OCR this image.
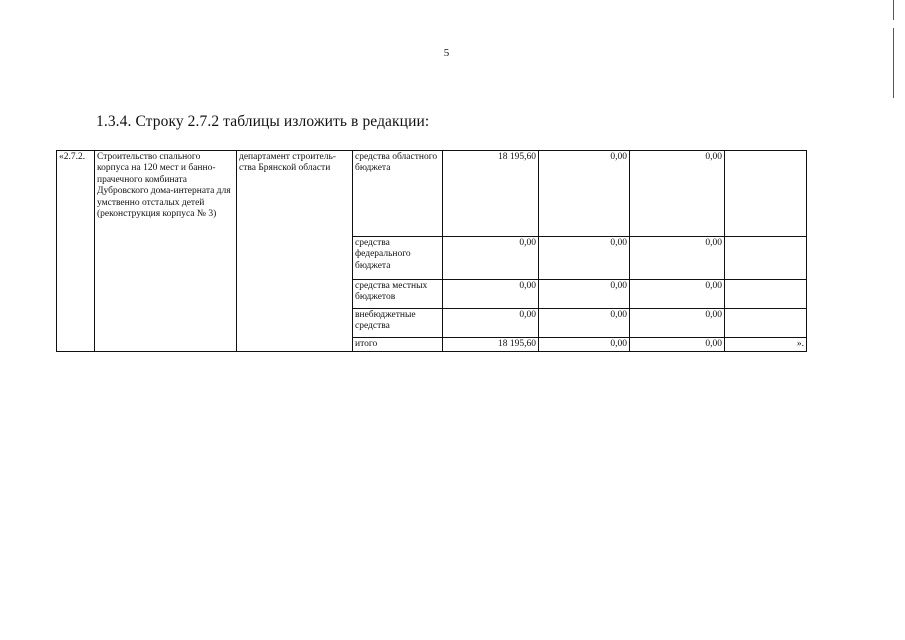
5
1.3.4. Строку 2.7.2 таблицы изложить в редакции:
«2.7.2.	Строительство спального корпуса на 120 мест и банно-прачечного комбината Дубровского дома-интерната для умственно отсталых детей (реконструкция корпуса № 3)	департамент строитель-ства Брянской области	средства областного бюджета	18 195,60	0,00	0,00	
			средства федерального бюджета	0,00	0,00	0,00	
			средства местных бюджетов	0,00	0,00	0,00	
			внебюджетные средства	0,00	0,00	0,00	
			итого	18 195,60	0,00	0,00	».
